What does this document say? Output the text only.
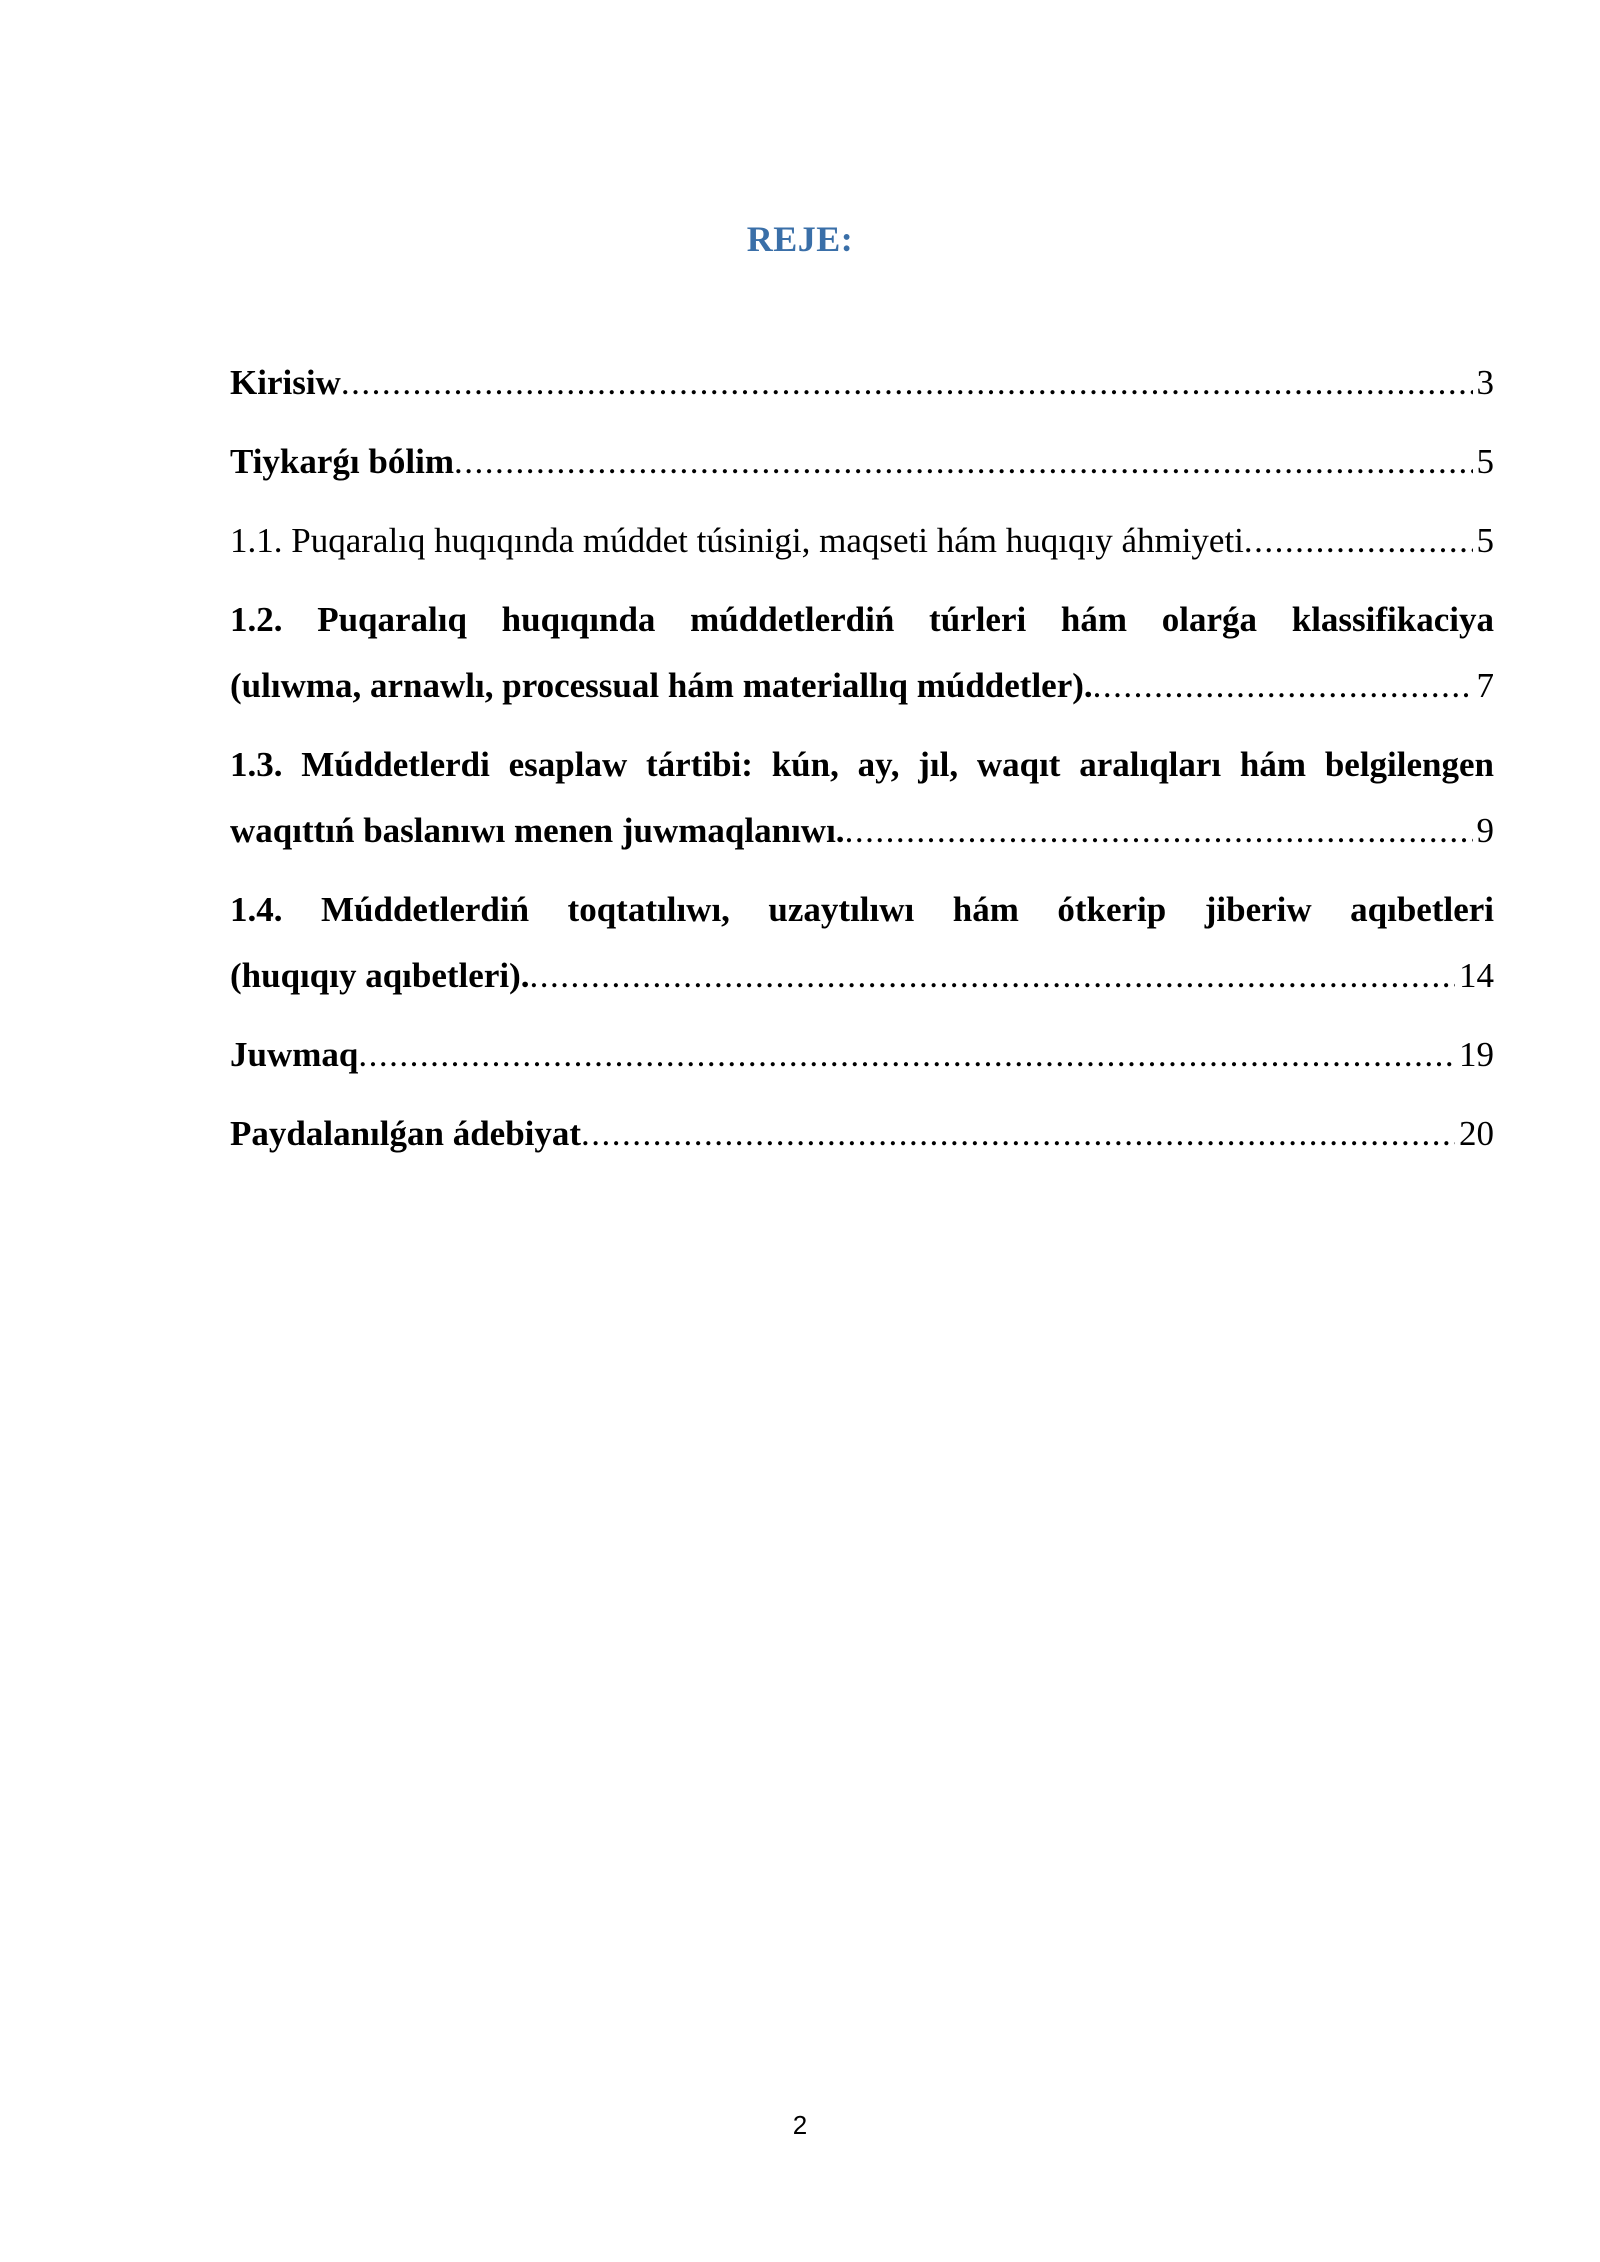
REJE:
Kirisiw .....	3
Tiykarǵı bólim .....	5
1.1. Puqaralıq huqıqında múddet túsinigi, maqseti hám huqıqıy áhmiyeti .....	5
1.2. Puqaralıq huqıqında múddetlerdiń túrleri hám olarǵa klassifikaciya
(ulıwma, arnawlı, processual hám materiallıq múddetler). .....	7
1.3. Múddetlerdi esaplaw tártibi: kún, ay, jıl, waqıt aralıqları hám belgilengen
waqıttıń baslanıwı menen juwmaqlanıwı. .....	9
1.4. Múddetlerdiń toqtatılıwı, uzaytılıwı hám ótkerip jiberiw aqıbetleri
(huqıqıy aqıbetleri). .....	14
Juwmaq .....	19
Paydalanılǵan ádebiyat .....	20
2
